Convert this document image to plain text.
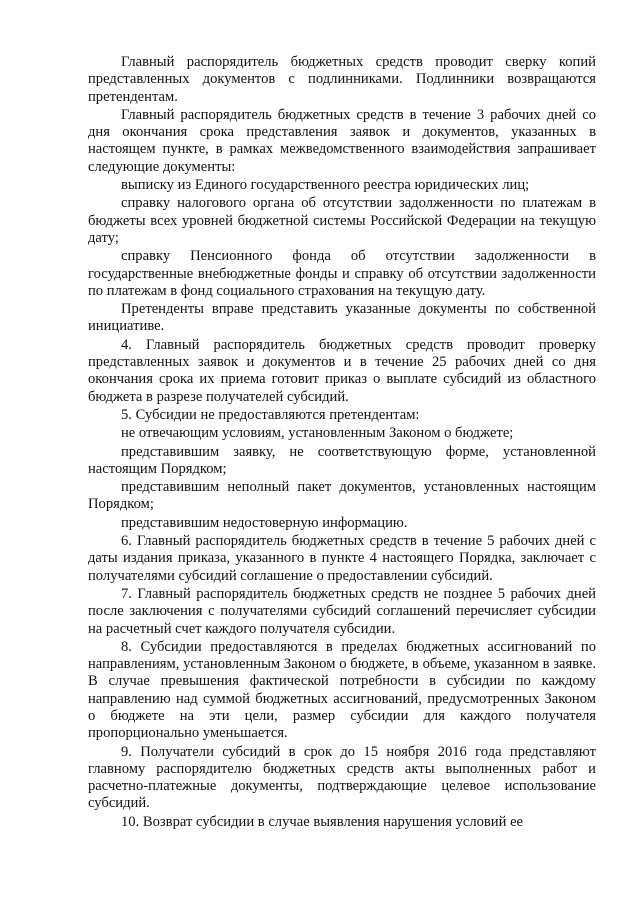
Главный распорядитель бюджетных средств проводит сверку копий представленных документов с подлинниками. Подлинники возвращаются претендентам.

Главный распорядитель бюджетных средств в течение 3 рабочих дней со дня окончания срока представления заявок и документов, указанных в настоящем пункте, в рамках межведомственного взаимодействия запрашивает следующие документы:

выписку из Единого государственного реестра юридических лиц;

справку налогового органа об отсутствии задолженности по платежам в бюджеты всех уровней бюджетной системы Российской Федерации на текущую дату;

справку Пенсионного фонда об отсутствии задолженности в государственные внебюджетные фонды и справку об отсутствии задолженности по платежам в фонд социального страхования на текущую дату.

Претенденты вправе представить указанные документы по собственной инициативе.

4. Главный распорядитель бюджетных средств проводит проверку представленных заявок и документов и в течение 25 рабочих дней со дня окончания срока их приема готовит приказ о выплате субсидий из областного бюджета в разрезе получателей субсидий.

5. Субсидии не предоставляются претендентам:

не отвечающим условиям, установленным Законом о бюджете;

представившим заявку, не соответствующую форме, установленной настоящим Порядком;

представившим неполный пакет документов, установленных настоящим Порядком;

представившим недостоверную информацию.

6. Главный распорядитель бюджетных средств в течение 5 рабочих дней с даты издания приказа, указанного в пункте 4 настоящего Порядка, заключает с получателями субсидий соглашение о предоставлении субсидий.

7. Главный распорядитель бюджетных средств не позднее 5 рабочих дней после заключения с получателями субсидий соглашений перечисляет субсидии на расчетный счет каждого получателя субсидии.

8. Субсидии предоставляются в пределах бюджетных ассигнований по направлениям, установленным Законом о бюджете, в объеме, указанном в заявке. В случае превышения фактической потребности в субсидии по каждому направлению над суммой бюджетных ассигнований, предусмотренных Законом о бюджете на эти цели, размер субсидии для каждого получателя пропорционально уменьшается.

9. Получатели субсидий в срок до 15 ноября 2016 года представляют главному распорядителю бюджетных средств акты выполненных работ и расчетно-платежные документы, подтверждающие целевое использование субсидий.

10. Возврат субсидии в случае выявления нарушения условий ее
